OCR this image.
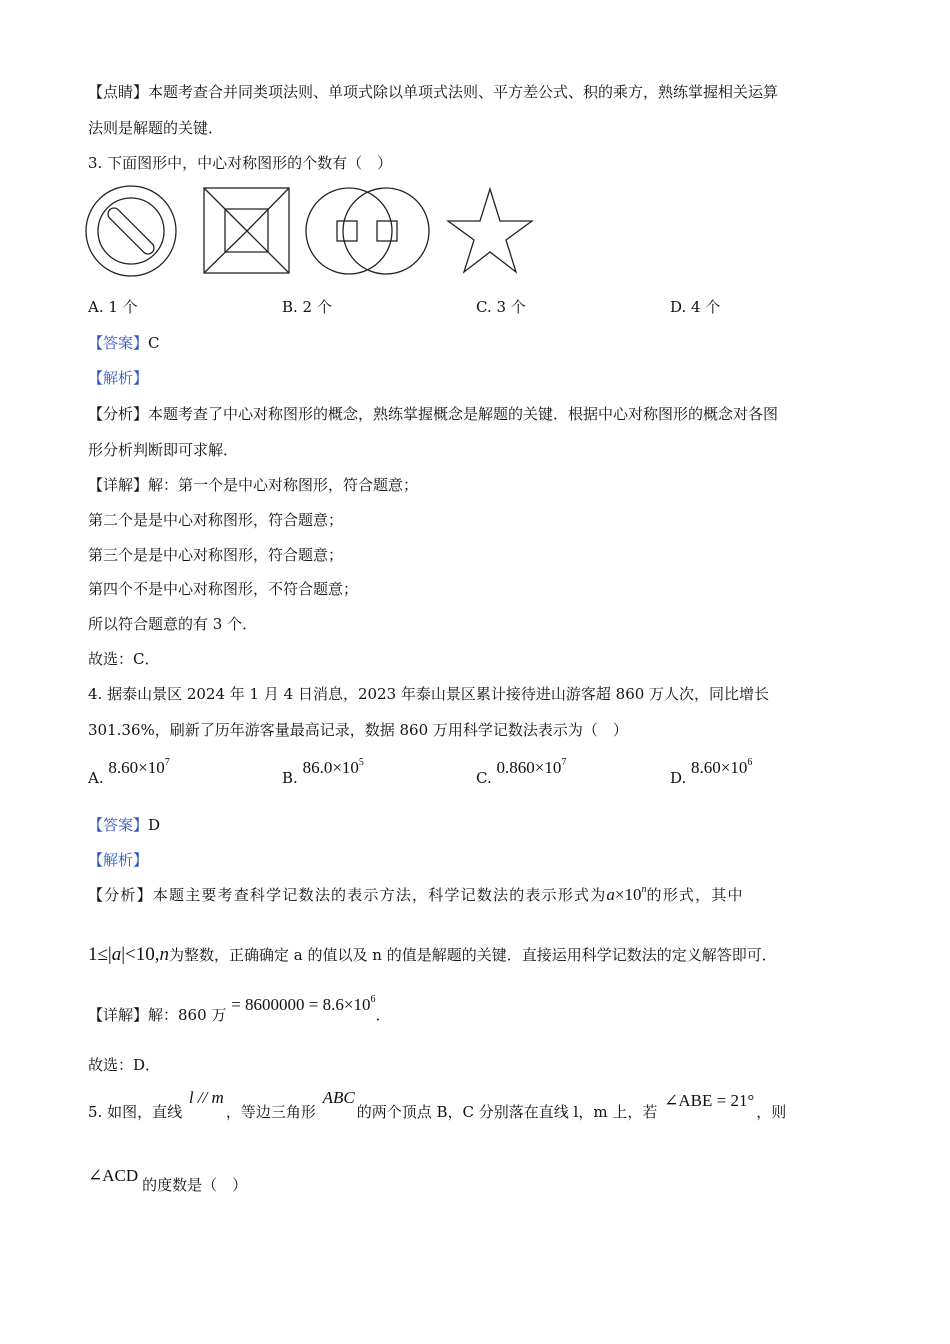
【点睛】本题考查合并同类项法则、单项式除以单项式法则、平方差公式、积的乘方，熟练掌握相关运算
法则是解题的关键．
3. 下面图形中，中心对称图形的个数有（　）
A. 1 个	B. 2 个	C. 3 个	D. 4 个
【答案】C
【解析】
【分析】本题考查了中心对称图形的概念，熟练掌握概念是解题的关键．根据中心对称图形的概念对各图
形分析判断即可求解．
【详解】解：第一个是中心对称图形，符合题意；
第二个是是中心对称图形，符合题意；
第三个是是中心对称图形，符合题意；
第四个不是中心对称图形，不符合题意；
所以符合题意的有 3 个．
故选：C．
4. 据泰山景区 2024 年 1 月 4 日消息，2023 年泰山景区累计接待进山游客超 860 万人次，同比增长
301.36%，刷新了历年游客量最高记录，数据 860 万用科学记数法表示为（　）
A. $8.60\times 10^7$
B. $86.0\times 10^5$
C. $0.860\times 10^7$
D. $8.60\times 10^6$
【答案】D
【解析】
【分析】本题主要考查科学记数法的表示方法，科学记数法的表示形式为$a\times 10^n$的形式，其中
1≤|a|<10,n为整数，正确确定 a 的值以及 n 的值是解题的关键．直接运用科学记数法的定义解答即可．
【详解】解：860 万 = $8600000 = 8.6\times 10^6$．
故选：D．
5. 如图，直线 l // m，等边三角形 ABC的两个顶点 B，C 分别落在直线 l，m 上，若 ∠ABE = 21°，则
∠ACD 的度数是（　）
